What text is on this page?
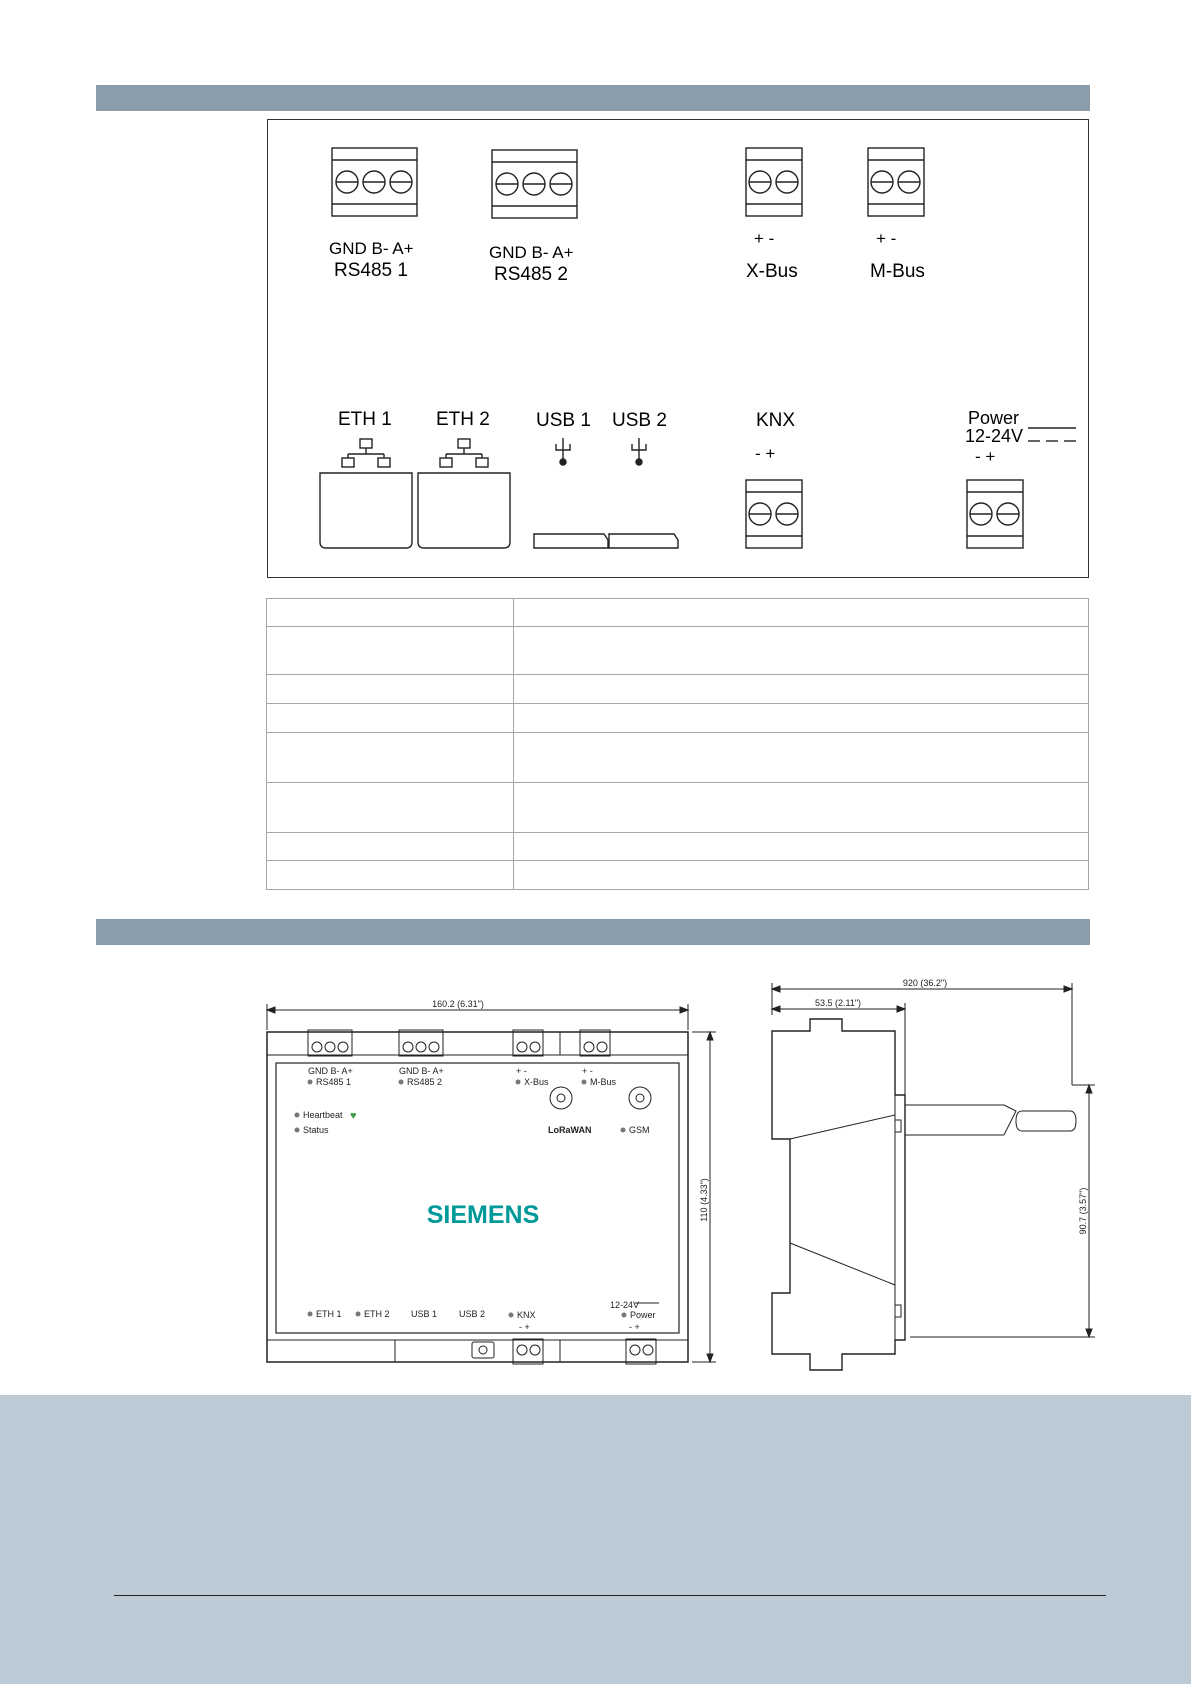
GND B- A+
RS485 1
GND B- A+
RS485 2
+ -
X-Bus
+ -
M-Bus
ETH 1 ETH 2 USB 1 USB 2	KNX
- +
Power
12-24V
- +

160.2 (6.31")
110 (4.33")
GND B- A+
RS485 1
GND B- A+
RS485 2
+ -
X-Bus
+ -
M-Bus
Heartbeat ♥
Status	LoRaWAN	GSM
SIEMENS
ETH 1 ETH 2 USB 1 USB 2	KNX
- +
12-24V
Power
- +
920 (36.2")
53.5 (2.11")
90.7 (3.57")
